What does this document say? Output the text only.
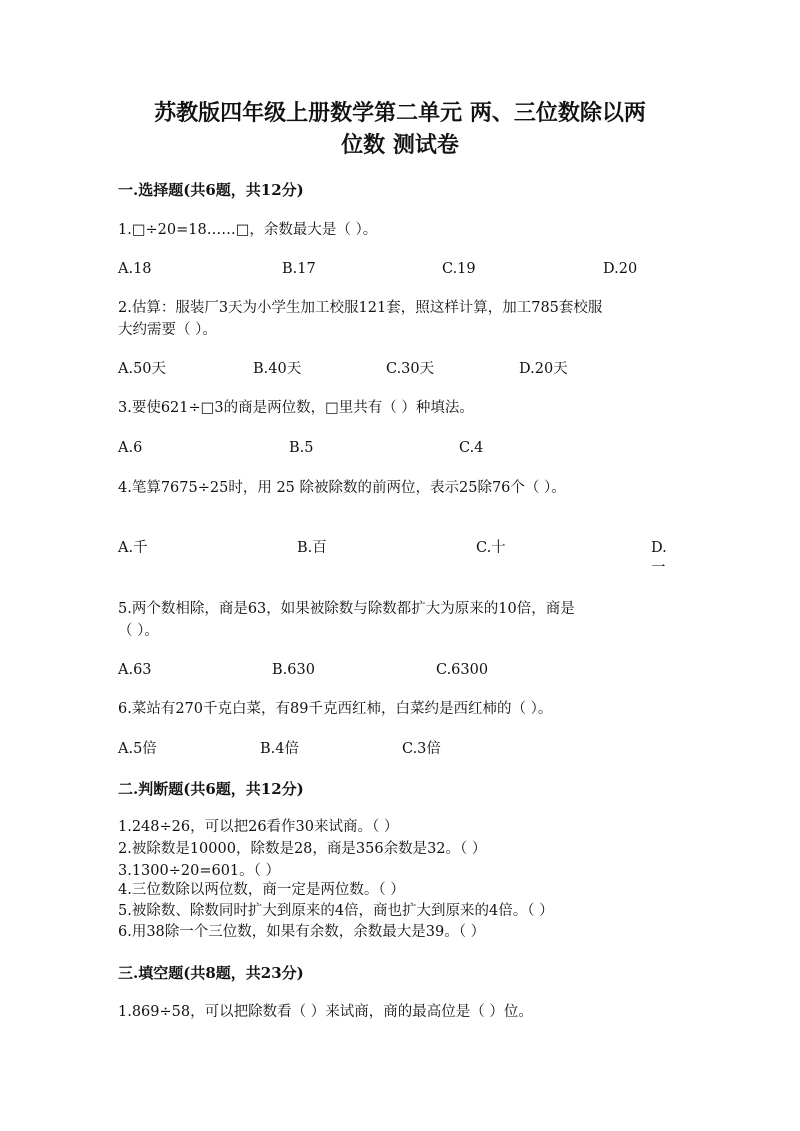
苏教版四年级上册数学第二单元 两、三位数除以两
位数 测试卷
一.选择题(共6题，共12分)
1.□÷20=18……□，余数最大是（ ）。
A.18	B.17	C.19	D.20
2.估算：服装厂3天为小学生加工校服121套，照这样计算，加工785套校服
大约需要（ ）。
A.50天	B.40天	C.30天	D.20天
3.要使621÷□3的商是两位数，□里共有（ ）种填法。
A.6	B.5	C.4
4.笔算7675÷25时，用 25 除被除数的前两位，表示25除76个（ ）。
A.千	B.百	C.十	D.一
5.两个数相除，商是63，如果被除数与除数都扩大为原来的10倍，商是
（ ）。
A.63	B.630	C.6300
6.菜站有270千克白菜，有89千克西红柿，白菜约是西红柿的（ ）。
A.5倍	B.4倍	C.3倍
二.判断题(共6题，共12分)
1.248÷26，可以把26看作30来试商。（ ）
2.被除数是10000，除数是28，商是356余数是32。（ ）
3.1300÷20=601。（ ）
4.三位数除以两位数，商一定是两位数。（ ）
5.被除数、除数同时扩大到原来的4倍，商也扩大到原来的4倍。（ ）
6.用38除一个三位数，如果有余数，余数最大是39。（ ）
三.填空题(共8题，共23分)
1.869÷58，可以把除数看（ ）来试商，商的最高位是（ ）位。
